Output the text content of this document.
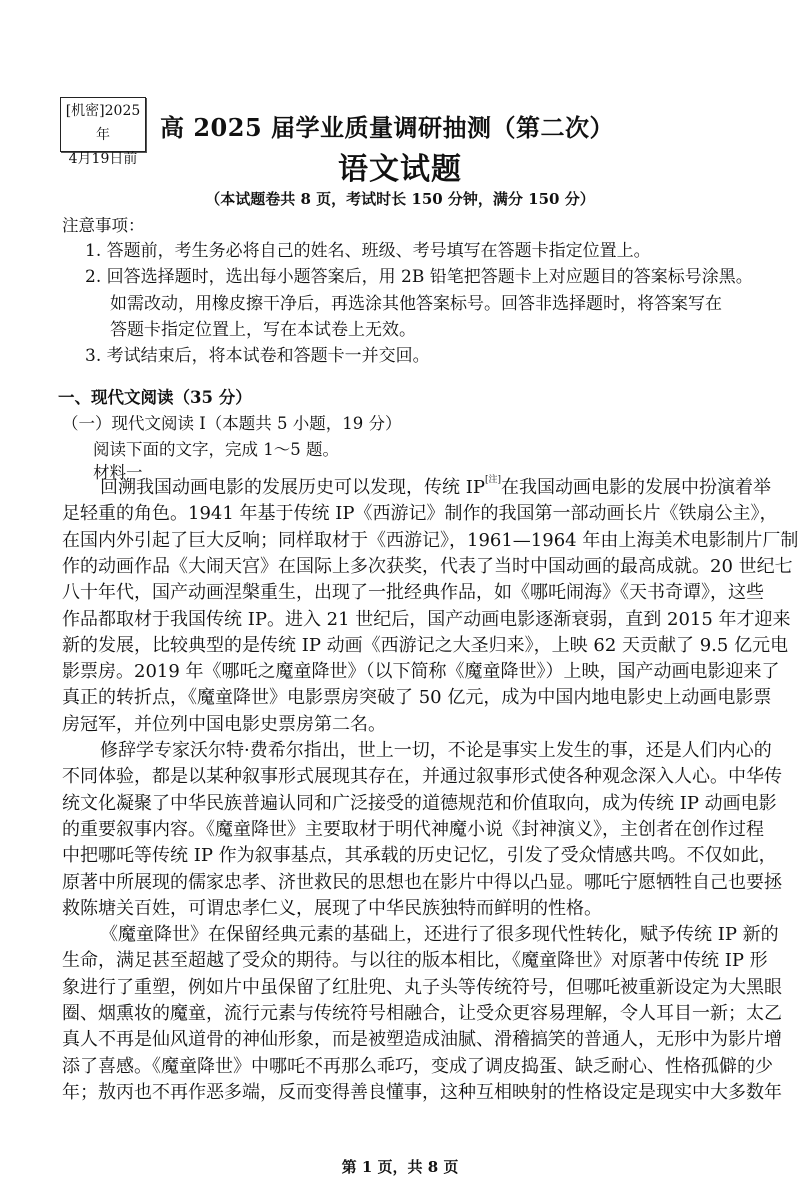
[机密]2025年
4月19日前
高 2025 届学业质量调研抽测（第二次）
语文试题
（本试题卷共 8 页，考试时长 150 分钟，满分 150 分）
注意事项：
1. 答题前，考生务必将自己的姓名、班级、考号填写在答题卡指定位置上。
2. 回答选择题时，选出每小题答案后，用 2B 铅笔把答题卡上对应题目的答案标号涂黑。
如需改动，用橡皮擦干净后，再选涂其他答案标号。回答非选择题时，将答案写在
答题卡指定位置上，写在本试卷上无效。
3. 考试结束后，将本试卷和答题卡一并交回。
一、现代文阅读（35 分）
（一）现代文阅读 I（本题共 5 小题，19 分）
阅读下面的文字，完成 1～5 题。
材料一
回溯我国动画电影的发展历史可以发现，传统 IP[注]在我国动画电影的发展中扮演着举
足轻重的角色。1941 年基于传统 IP《西游记》制作的我国第一部动画长片《铁扇公主》，
在国内外引起了巨大反响；同样取材于《西游记》，1961—1964 年由上海美术电影制片厂制
作的动画作品《大闹天宫》在国际上多次获奖，代表了当时中国动画的最高成就。20 世纪七
八十年代，国产动画涅槃重生，出现了一批经典作品，如《哪吒闹海》《天书奇谭》，这些
作品都取材于我国传统 IP。进入 21 世纪后，国产动画电影逐渐衰弱，直到 2015 年才迎来
新的发展，比较典型的是传统 IP 动画《西游记之大圣归来》，上映 62 天贡献了 9.5 亿元电
影票房。2019 年《哪吒之魔童降世》（以下简称《魔童降世》）上映，国产动画电影迎来了
真正的转折点，《魔童降世》电影票房突破了 50 亿元，成为中国内地电影史上动画电影票
房冠军，并位列中国电影史票房第二名。
修辞学专家沃尔特·费希尔指出，世上一切，不论是事实上发生的事，还是人们内心的
不同体验，都是以某种叙事形式展现其存在，并通过叙事形式使各种观念深入人心。中华传
统文化凝聚了中华民族普遍认同和广泛接受的道德规范和价值取向，成为传统 IP 动画电影
的重要叙事内容。《魔童降世》主要取材于明代神魔小说《封神演义》，主创者在创作过程
中把哪吒等传统 IP 作为叙事基点，其承载的历史记忆，引发了受众情感共鸣。不仅如此，
原著中所展现的儒家忠孝、济世救民的思想也在影片中得以凸显。哪吒宁愿牺牲自己也要拯
救陈塘关百姓，可谓忠孝仁义，展现了中华民族独特而鲜明的性格。
《魔童降世》在保留经典元素的基础上，还进行了很多现代性转化，赋予传统 IP 新的
生命，满足甚至超越了受众的期待。与以往的版本相比，《魔童降世》对原著中传统 IP 形
象进行了重塑，例如片中虽保留了红肚兜、丸子头等传统符号，但哪吒被重新设定为大黑眼
圈、烟熏妆的魔童，流行元素与传统符号相融合，让受众更容易理解，令人耳目一新；太乙
真人不再是仙风道骨的神仙形象，而是被塑造成油腻、滑稽搞笑的普通人，无形中为影片增
添了喜感。《魔童降世》中哪吒不再那么乖巧，变成了调皮捣蛋、缺乏耐心、性格孤僻的少
年；敖丙也不再作恶多端，反而变得善良懂事，这种互相映射的性格设定是现实中大多数年
第 1 页，共 8 页
